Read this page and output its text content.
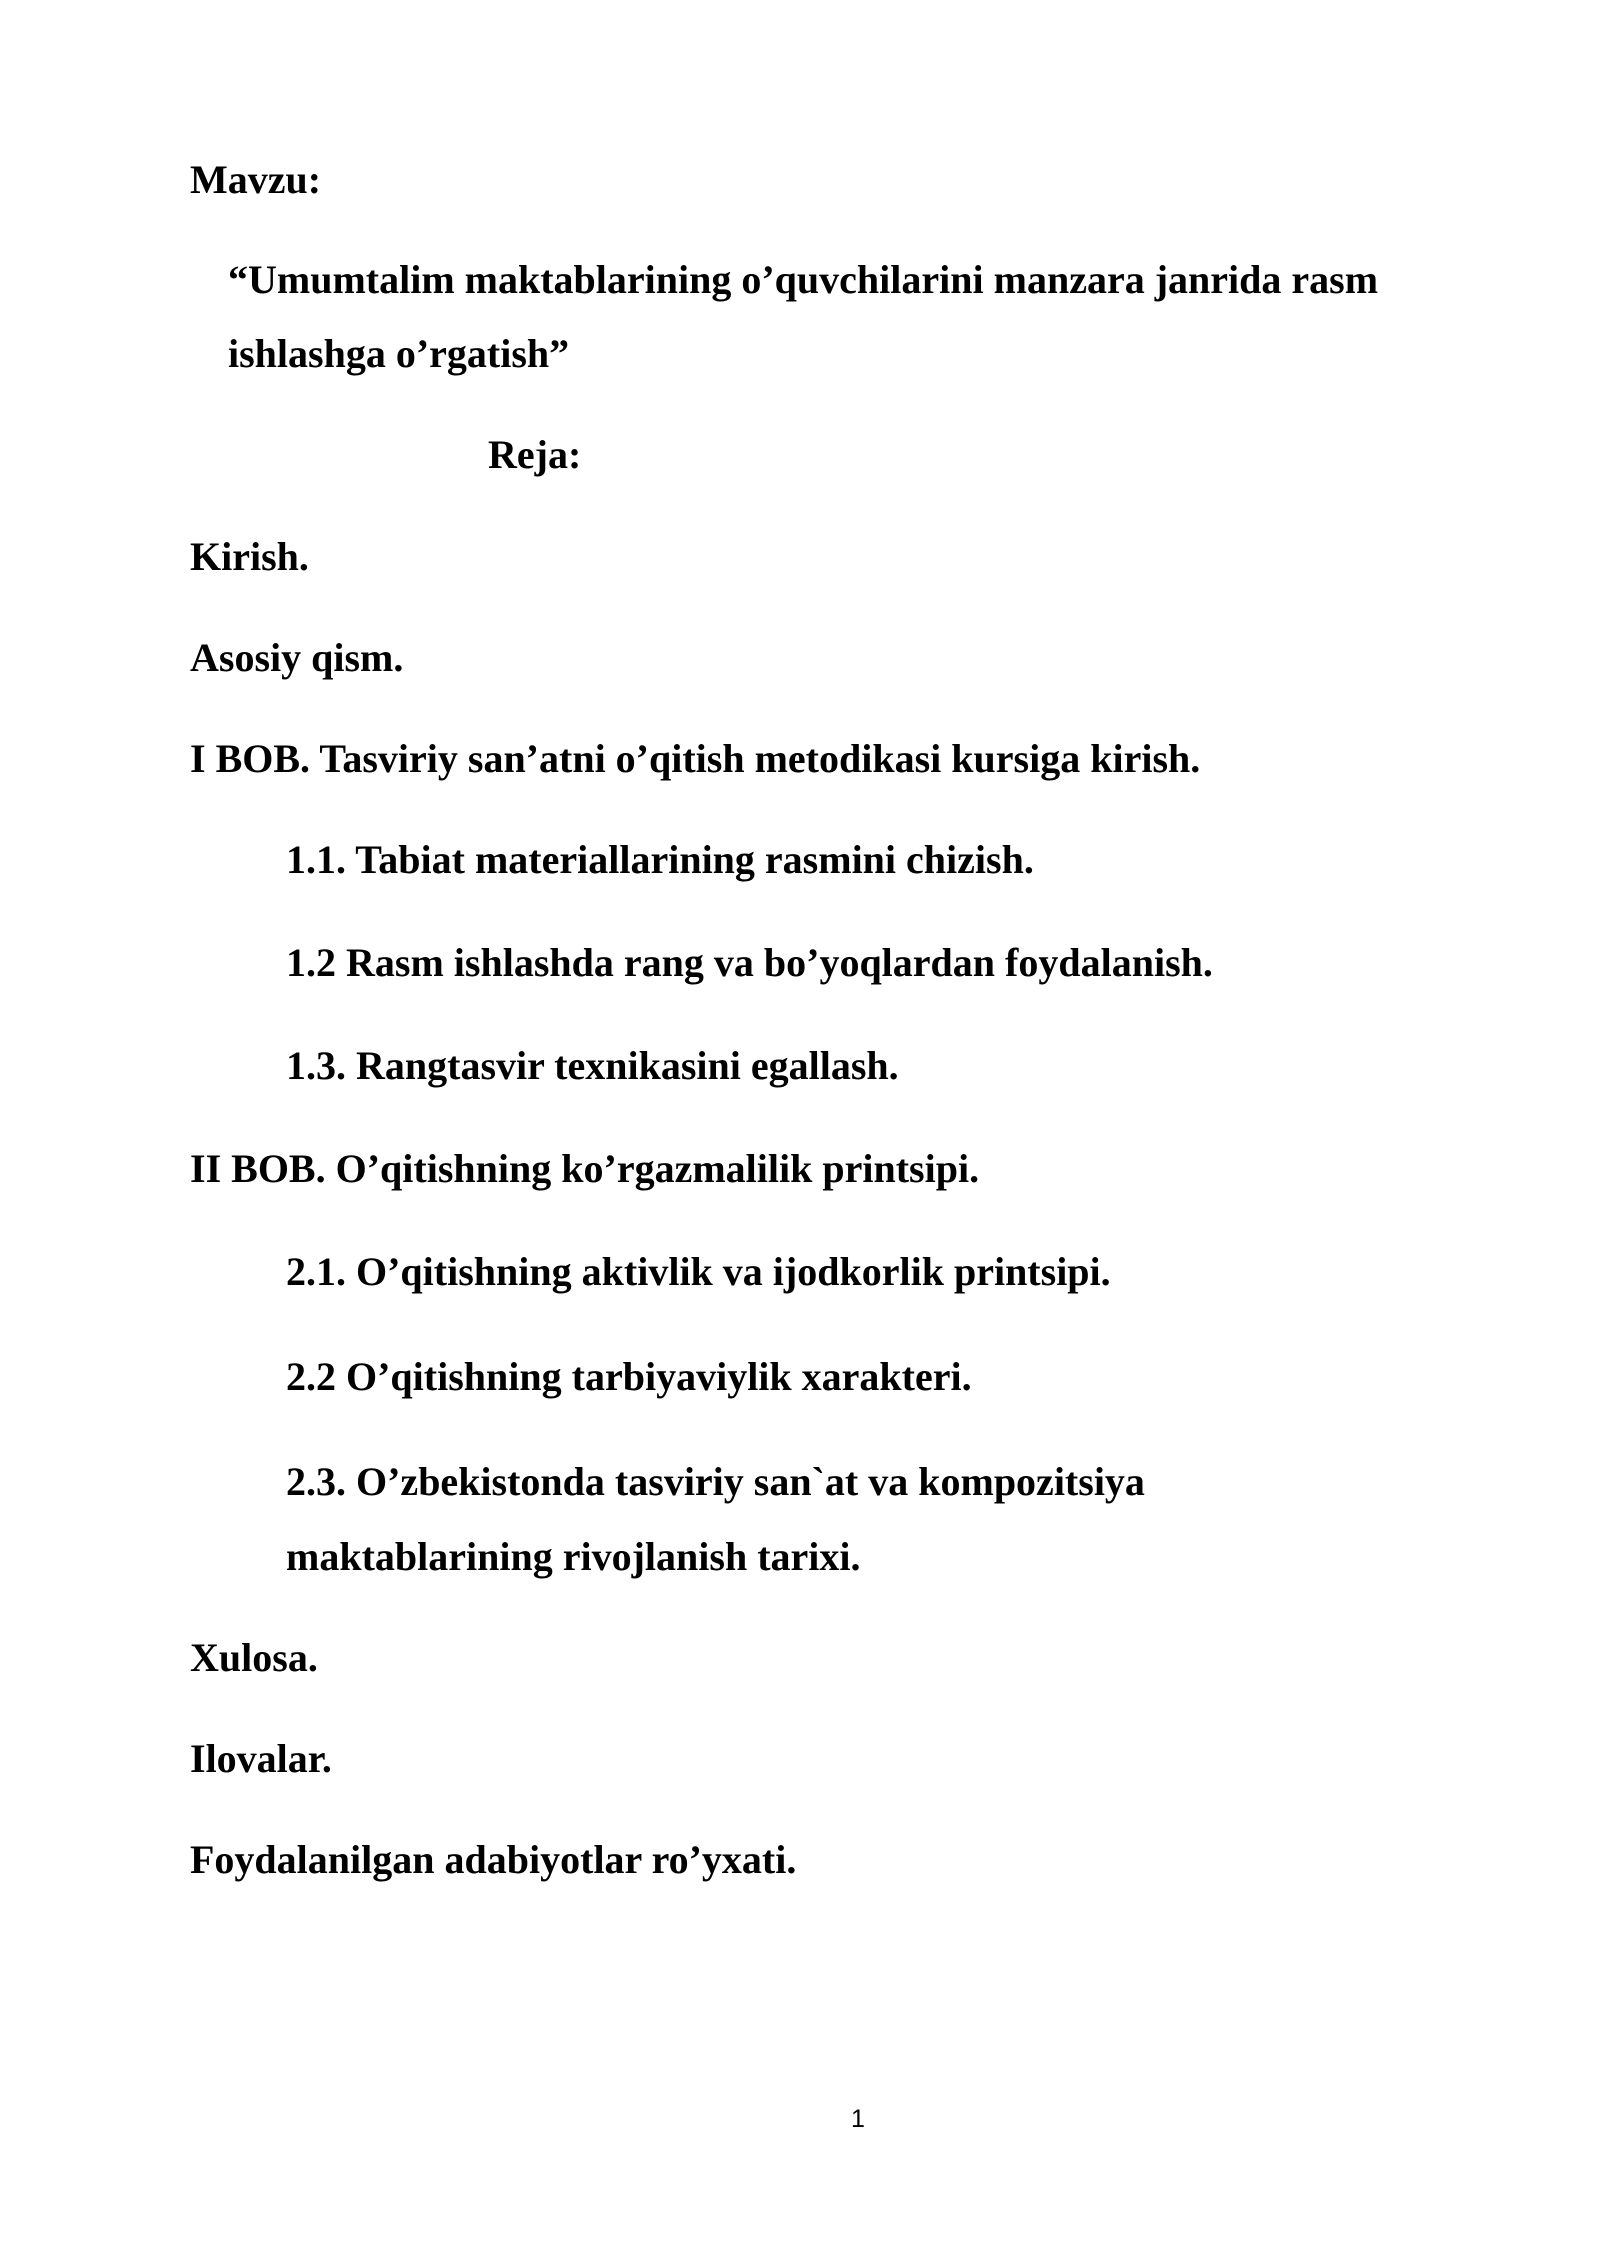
Mavzu:

“Umumtalim maktablarining o’quvchilarini manzara janrida rasm

ishlashga o’rgatish”

Reja:

Kirish.

Asosiy qism.

I BOB. Tasviriy san’atni o’qitish metodikasi kursiga kirish.

1.1. Tabiat materiallarining rasmini chizish.

1.2 Rasm ishlashda rang va bo’yoqlardan foydalanish.

1.3. Rangtasvir texnikasini egallash.

II BOB. O’qitishning ko’rgazmalilik printsipi.

2.1. O’qitishning aktivlik va ijodkorlik printsipi.

2.2 O’qitishning tarbiyaviylik xarakteri.

2.3. O’zbekistonda tasviriy san`at va kompozitsiya

maktablarining rivojlanish tarixi.

Xulosa.

Ilovalar.

Foydalanilgan adabiyotlar ro’yxati.

1
